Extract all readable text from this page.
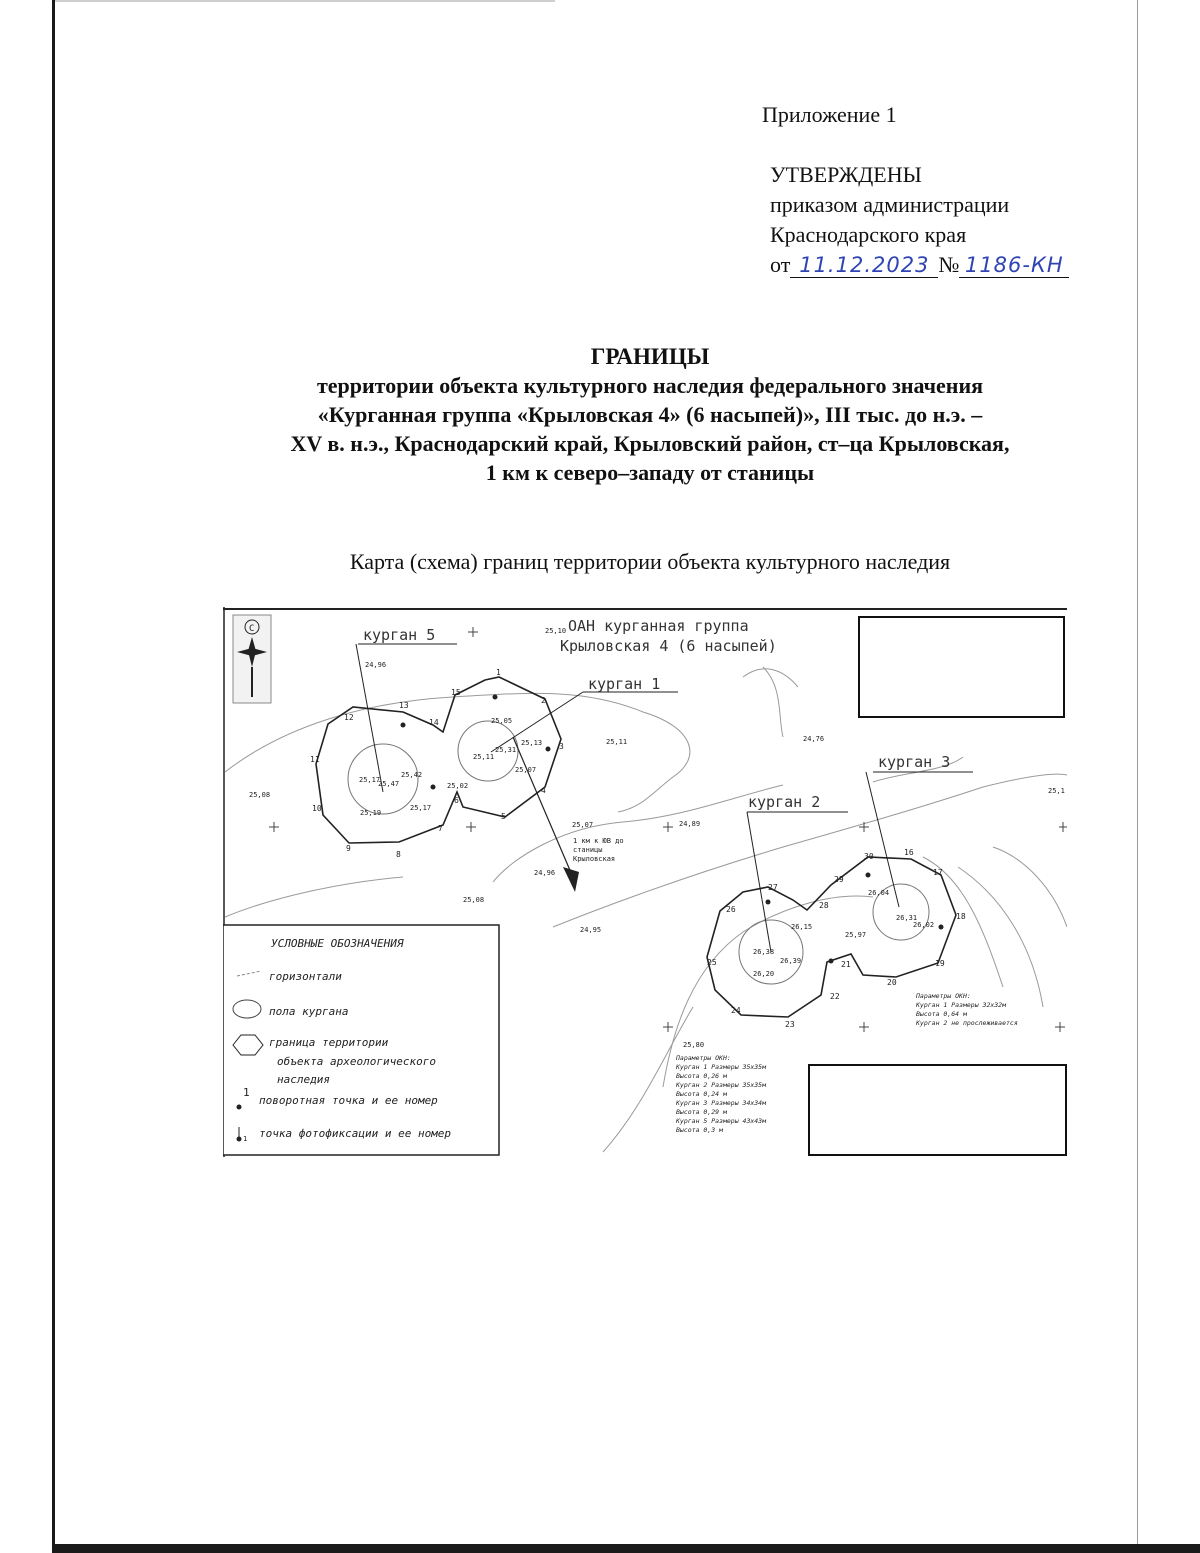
Приложение 1
УТВЕРЖДЕНЫ
приказом администрации
Краснодарского края
от 11.12.2023 № 1186-КН
ГРАНИЦЫ
территории объекта культурного наследия федерального значения
«Курганная группа «Крыловская 4» (6 насыпей)», III тыс. до н.э. –
XV в. н.э., Краснодарский край, Крыловский район, ст–ца Крыловская,
1 км к северо–западу от станицы
Карта (схема) границ территории объекта культурного наследия
С	ОАН курганная группа
Крыловская 4 (6 насыпей)
курган 5
курган 1
курган 2
курган 3
1 км к ЮВ до
станицы
Крыловская
25,10
24,96
25,05
25,13
25,31
25,11
25,07
25,11	24,76
25,08
25,17
25,47
25,42
25,02
25,19
25,17
25,07	24,89
24,96
25,08
24,95
25,80
26,04
26,31
26,02
25,97
26,15
26,38
26,39
26,20
25,1
1
2
3
4
5
6
7
8
9
10
11
12
13
14
15
16
17
18
19
20
21
22
23
24
25
26
27
28
29
30
УСЛОВНЫЕ ОБОЗНАЧЕНИЯ
горизонтали
пола кургана
граница территории
объекта археологического
наследия
1
поворотная точка и ее номер
1 точка фотофиксации и ее номер
Параметры ОКН:
Курган 1 Размеры 32х32м
Высота 0,64 м
Курган 2 не прослеживается
Параметры ОКН:
Курган 1 Размеры 35х35м
Высота 0,26 м
Курган 2 Размеры 35х35м
Высота 0,24 м
Курган 3 Размеры 34х34м
Высота 0,29 м
Курган 5 Размеры 43х43м
Высота 0,3 м
